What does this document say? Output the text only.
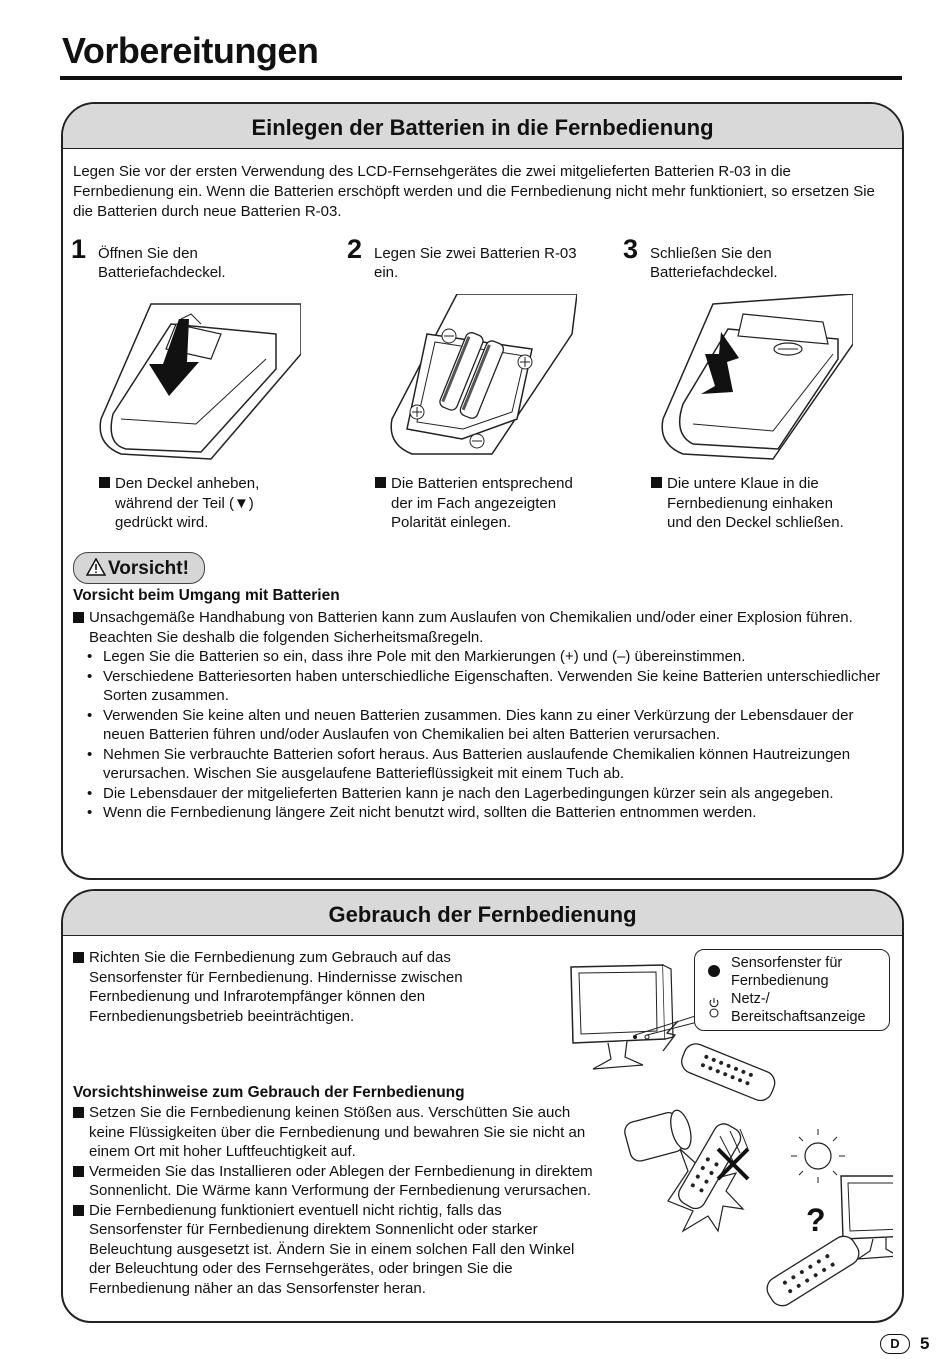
Vorbereitungen
Einlegen der Batterien in die Fernbedienung
Legen Sie vor der ersten Verwendung des LCD-Fernsehgerätes die zwei mitgelieferten Batterien R-03 in die Fernbedienung ein. Wenn die Batterien erschöpft werden und die Fernbedienung nicht mehr funktioniert, so ersetzen Sie die Batterien durch neue Batterien R-03.
1 Öffnen Sie den Batteriefachdeckel.
Den Deckel anheben, während der Teil (▼) gedrückt wird.
2 Legen Sie zwei Batterien R-03 ein.
Die Batterien entsprechend der im Fach angezeigten Polarität einlegen.
3 Schließen Sie den Batteriefachdeckel.
Die untere Klaue in die Fernbedienung einhaken und den Deckel schließen.
Vorsicht!
Vorsicht beim Umgang mit Batterien
Unsachgemäße Handhabung von Batterien kann zum Auslaufen von Chemikalien und/oder einer Explosion führen. Beachten Sie deshalb die folgenden Sicherheitsmaßregeln.
• Legen Sie die Batterien so ein, dass ihre Pole mit den Markierungen (+) und (–) übereinstimmen.
• Verschiedene Batteriesorten haben unterschiedliche Eigenschaften. Verwenden Sie keine Batterien unterschiedlicher Sorten zusammen.
• Verwenden Sie keine alten und neuen Batterien zusammen. Dies kann zu einer Verkürzung der Lebensdauer der neuen Batterien führen und/oder Auslaufen von Chemikalien bei alten Batterien verursachen.
• Nehmen Sie verbrauchte Batterien sofort heraus. Aus Batterien auslaufende Chemikalien können Hautreizungen verursachen. Wischen Sie ausgelaufene Batterieflüssigkeit mit einem Tuch ab.
• Die Lebensdauer der mitgelieferten Batterien kann je nach den Lagerbedingungen kürzer sein als angegeben.
• Wenn die Fernbedienung längere Zeit nicht benutzt wird, sollten die Batterien entnommen werden.
Gebrauch der Fernbedienung
Richten Sie die Fernbedienung zum Gebrauch auf das Sensorfenster für Fernbedienung. Hindernisse zwischen Fernbedienung und Infrarotempfänger können den Fernbedienungsbetrieb beeinträchtigen.
Sensorfenster für Fernbedienung
Netz-/ Bereitschaftsanzeige
Vorsichtshinweise zum Gebrauch der Fernbedienung
Setzen Sie die Fernbedienung keinen Stößen aus. Verschütten Sie auch keine Flüssigkeiten über die Fernbedienung und bewahren Sie sie nicht an einem Ort mit hoher Luftfeuchtigkeit auf.
Vermeiden Sie das Installieren oder Ablegen der Fernbedienung in direktem Sonnenlicht. Die Wärme kann Verformung der Fernbedienung verursachen.
Die Fernbedienung funktioniert eventuell nicht richtig, falls das Sensorfenster für Fernbedienung direktem Sonnenlicht oder starker Beleuchtung ausgesetzt ist. Ändern Sie in einem solchen Fall den Winkel der Beleuchtung oder des Fernsehgerätes, oder bringen Sie die Fernbedienung näher an das Sensorfenster heran.
?
D	5
